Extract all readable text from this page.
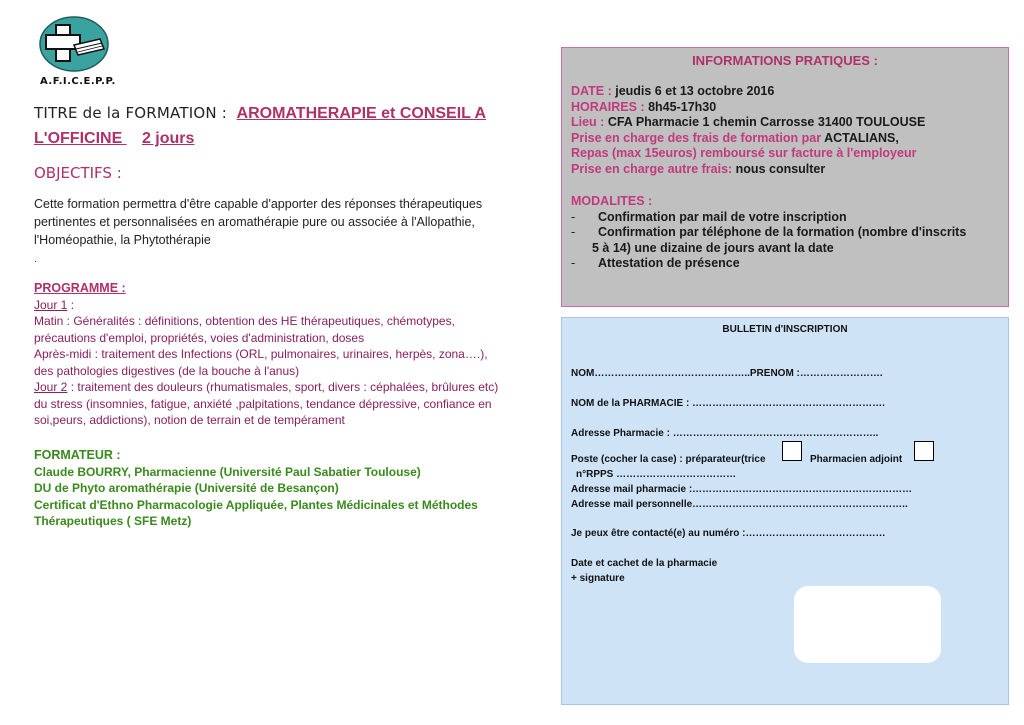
A.F.I.C.E.P.P.
TITRE de la FORMATION : AROMATHERAPIE et CONSEIL A
L'OFFICINE    2 jours
OBJECTIFS :
Cette formation permettra d'être capable d'apporter des réponses thérapeutiques pertinentes et personnalisées en aromathérapie pure ou associée à l'Allopathie, l'Homéopathie, la Phytothérapie
.
PROGRAMME :
Jour 1 :
Matin : Généralités : définitions, obtention des HE thérapeutiques, chémotypes,
précautions d'emploi, propriétés, voies d'administration, doses
Après-midi : traitement des Infections (ORL, pulmonaires, urinaires, herpès, zona….),
des pathologies digestives (de la bouche à l'anus)
Jour 2 : traitement des douleurs (rhumatismales, sport, divers : céphalées, brûlures etc)
du stress (insomnies, fatigue, anxiété ,palpitations, tendance dépressive, confiance en
soi,peurs, addictions), notion de terrain et de tempérament
FORMATEUR :
Claude BOURRY, Pharmacienne (Université Paul Sabatier Toulouse)
DU de Phyto aromathérapie (Université de Besançon)
Certificat d'Ethno Pharmacologie Appliquée, Plantes Médicinales et Méthodes
Thérapeutiques ( SFE Metz)
INFORMATIONS PRATIQUES :
DATE : jeudis 6 et 13 octobre 2016
HORAIRES : 8h45-17h30
Lieu : CFA Pharmacie 1 chemin Carrosse 31400 TOULOUSE
Prise en charge des frais de formation par ACTALIANS,
Repas (max 15euros) remboursé sur facture à l'employeur
Prise en charge autre frais: nous consulter
MODALITES :
-	Confirmation par mail de votre inscription
-	Confirmation par téléphone de la formation (nombre d'inscrits
5 à 14) une dizaine de jours avant la date
-	Attestation de présence
BULLETIN d'INSCRIPTION
NOM………………………………………..PRENOM :…………………….
NOM de la PHARMACIE : ………………………………………………….
Adresse Pharmacie : ……………………………………………………..
Poste (cocher la case) : préparateur(trice	Pharmacien adjoint
n°RPPS ………………………………
Adresse mail pharmacie :…………………………………………………………
Adresse mail personnelle………………………………………………………..
Je peux être contacté(e) au numéro :……………………………………
Date et cachet de la pharmacie
+ signature
